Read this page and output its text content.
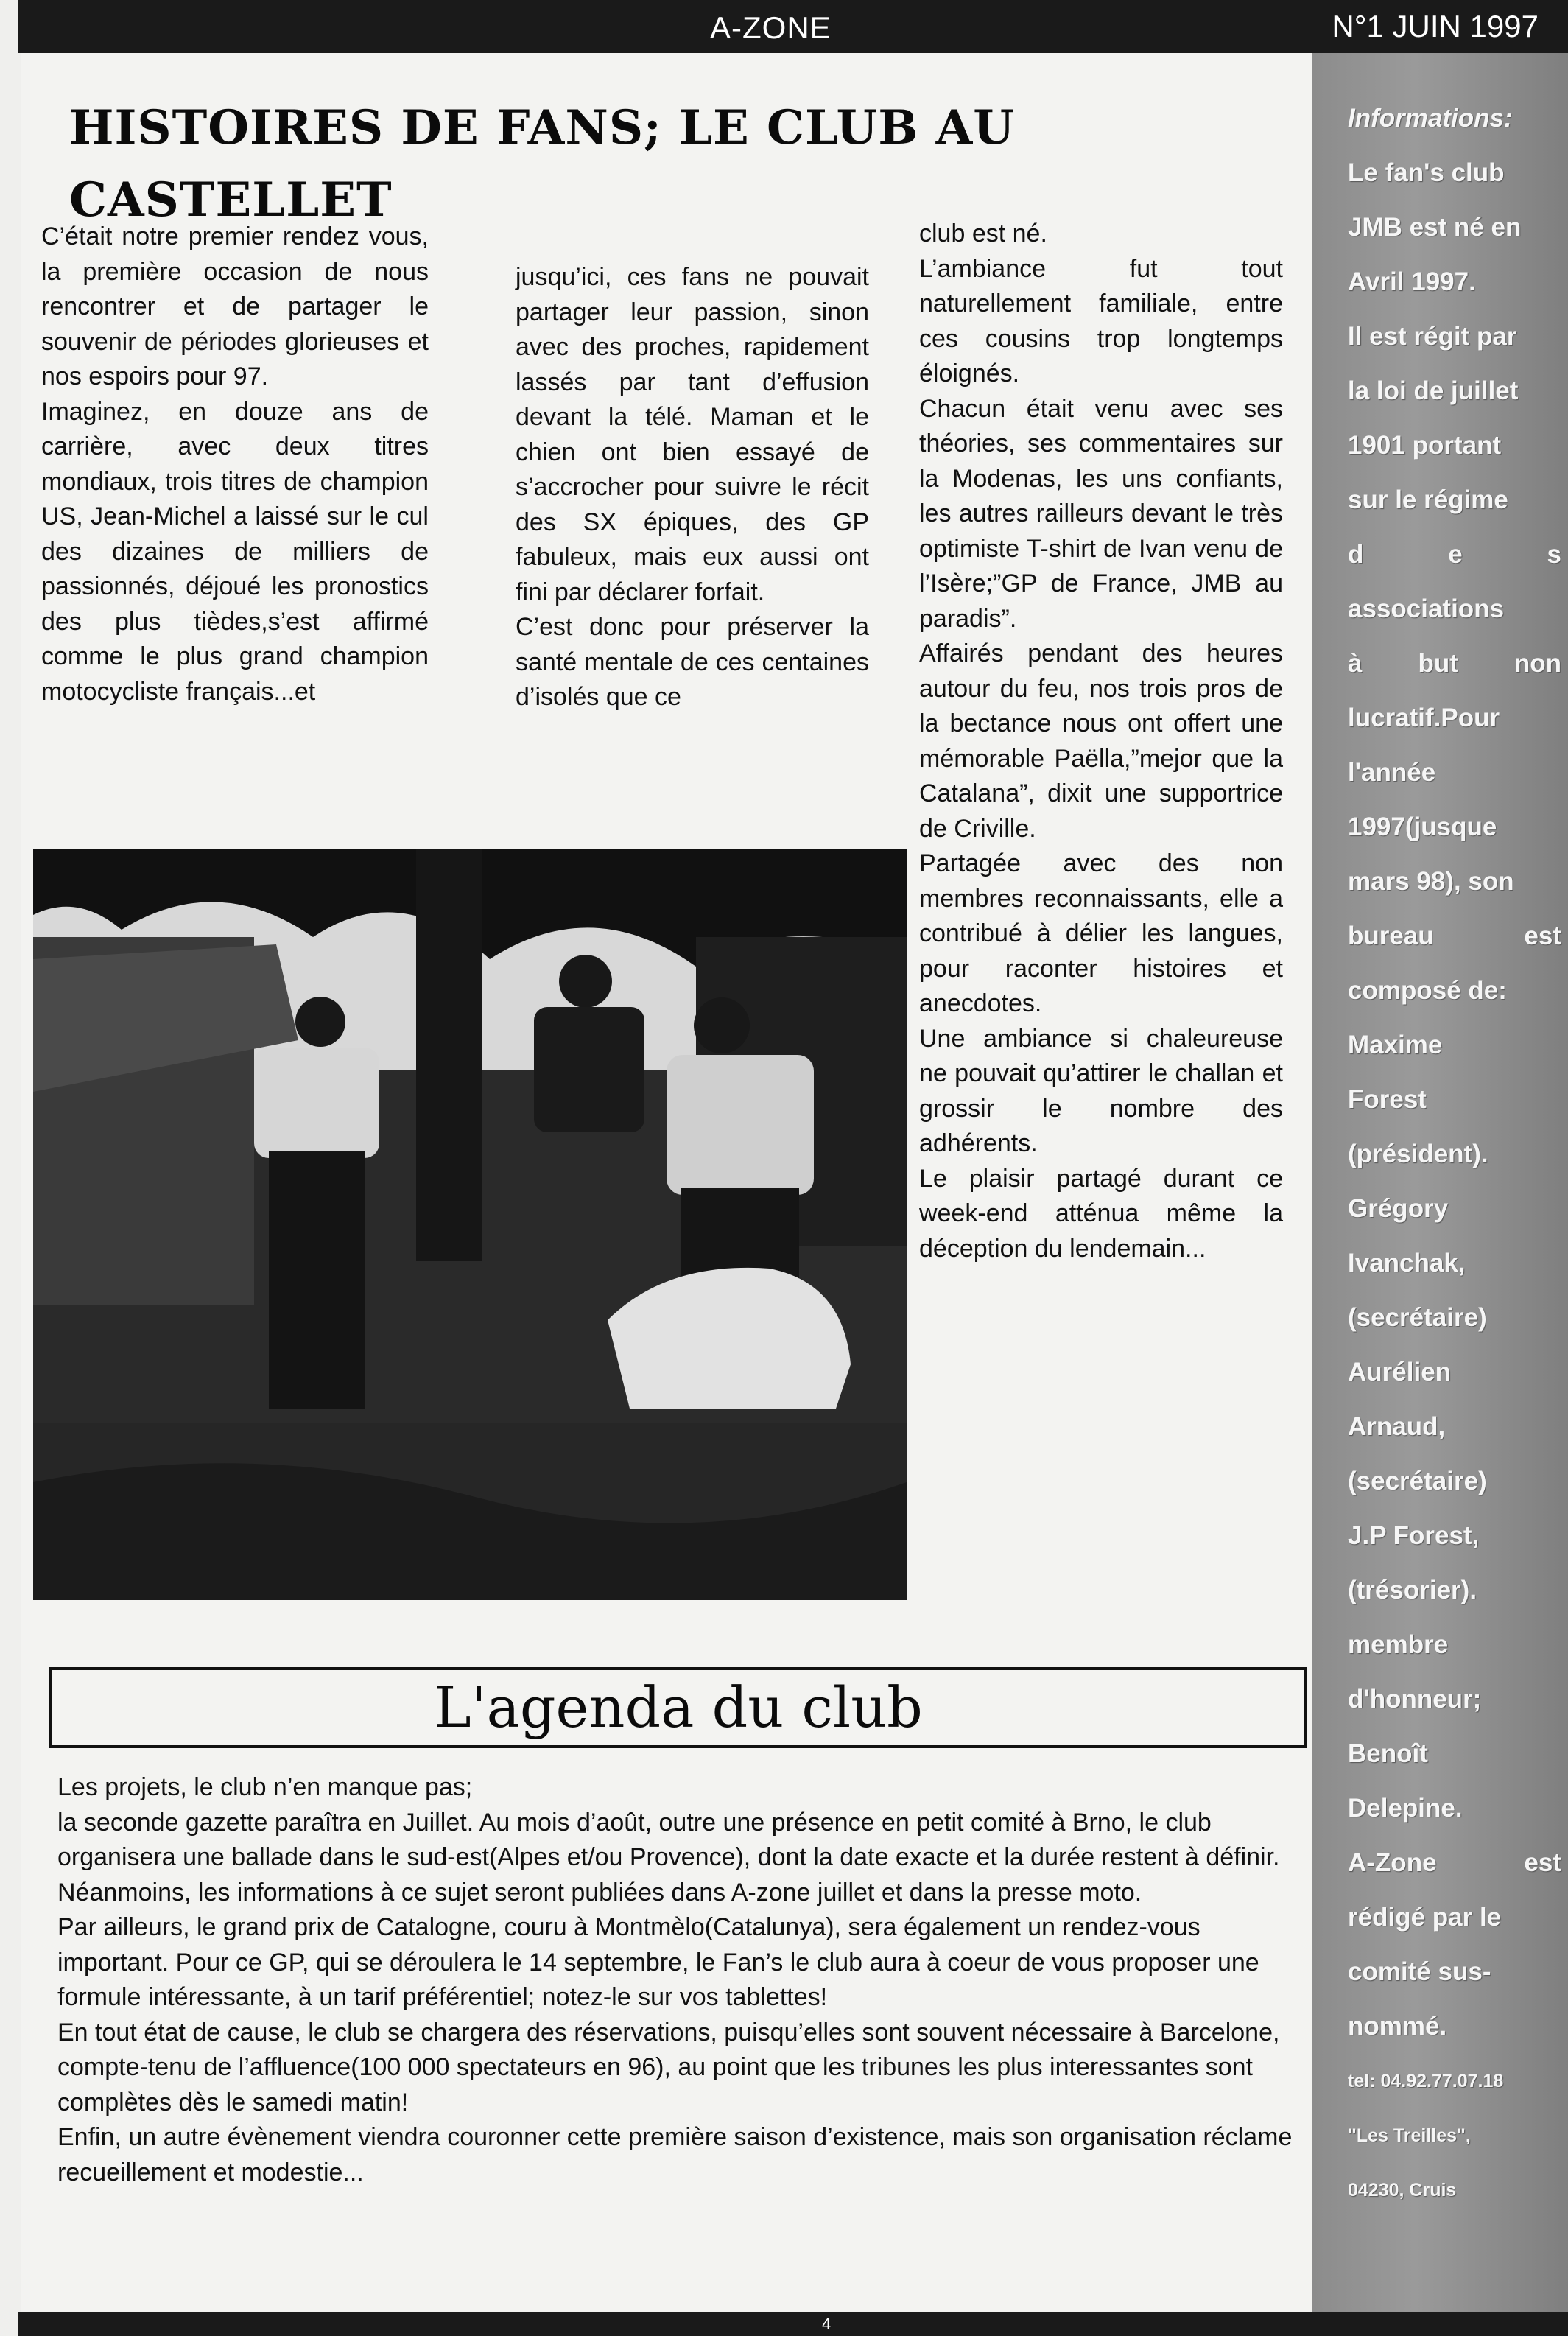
A-ZONE	N°1 JUIN 1997
HISTOIRES DE FANS; LE CLUB AU CASTELLET

C’était notre premier rendez vous, la première occasion de nous rencontrer et de partager le souvenir de périodes glorieuses et nos espoirs pour 97.

Imaginez, en douze ans de carrière, avec deux titres mondiaux, trois titres de champion US, Jean-Michel a laissé sur le cul des dizaines de milliers de passionnés, déjoué les pronostics des plus tièdes,s’est affirmé comme le plus grand champion motocycliste français...et

jusqu’ici, ces fans ne pouvait partager leur passion, sinon avec des proches, rapidement lassés par tant d’effusion devant la télé. Maman et le chien ont bien essayé de s’accrocher pour suivre le récit des SX épiques, des GP fabuleux, mais eux aussi ont fini par déclarer forfait.

C’est donc pour préserver la santé mentale de ces centaines d’isolés que ce

club est né.

L’ambiance fut tout naturellement familiale, entre ces cousins trop longtemps éloignés.

Chacun était venu avec ses théories, ses commentaires sur la Modenas, les uns confiants, les autres railleurs devant le très optimiste T-shirt de Ivan venu de l’Isère;”GP de France, JMB au paradis”.

Affairés pendant des heures autour du feu, nos trois pros de la bectance nous ont offert une mémorable Paëlla,”mejor que la Catalana”, dixit une supportrice de Criville.

Partagée avec des non membres reconnaissants, elle a contribué à délier les langues, pour raconter histoires et anecdotes.

Une ambiance si chaleureuse ne pouvait qu’attirer le challan et grossir le nombre des adhérents.

Le plaisir partagé durant ce week-end atténua même la déception du lendemain...

L'agenda du club

Les projets, le club n’en manque pas;

la seconde gazette paraîtra en Juillet. Au mois d’août, outre une présence en petit comité à Brno, le club organisera une ballade dans le sud-est(Alpes et/ou Provence), dont la date exacte et la durée restent à définir. Néanmoins, les informations à ce sujet seront publiées dans A-zone juillet et dans la presse moto.

Par ailleurs, le grand prix de Catalogne, couru à Montmèlo(Catalunya), sera également un rendez-vous important. Pour ce GP, qui se déroulera le 14 septembre, le Fan’s le club aura à coeur de vous proposer une formule intéressante, à un tarif préférentiel; notez-le sur vos tablettes!

En tout état de cause, le club se chargera des réservations, puisqu’elles sont souvent nécessaire à Barcelone, compte-tenu de l’affluence(100 000 spectateurs en 96), au point que les tribunes les plus interessantes sont complètes dès le samedi matin!

Enfin, un autre évènement viendra couronner cette première saison d’existence, mais son organisation réclame recueillement et modestie...

Informations:
Le fan's club
JMB est né en
Avril 1997.
Il est régit par
la loi de juillet
1901 portant
sur le régime
d e s
associations
à but non
lucratif.Pour
l'année
1997(jusque
mars 98), son
bureau est
composé de:
Maxime
Forest
(président).
Grégory
Ivanchak,
(secrétaire)
Aurélien
Arnaud,
(secrétaire)
J.P Forest,
(trésorier).
membre
d'honneur;
Benoît
Delepine.
A-Zone est
rédigé par le
comité sus-
nommé.
tel: 04.92.77.07.18
"Les Treilles",
04230, Cruis
4
